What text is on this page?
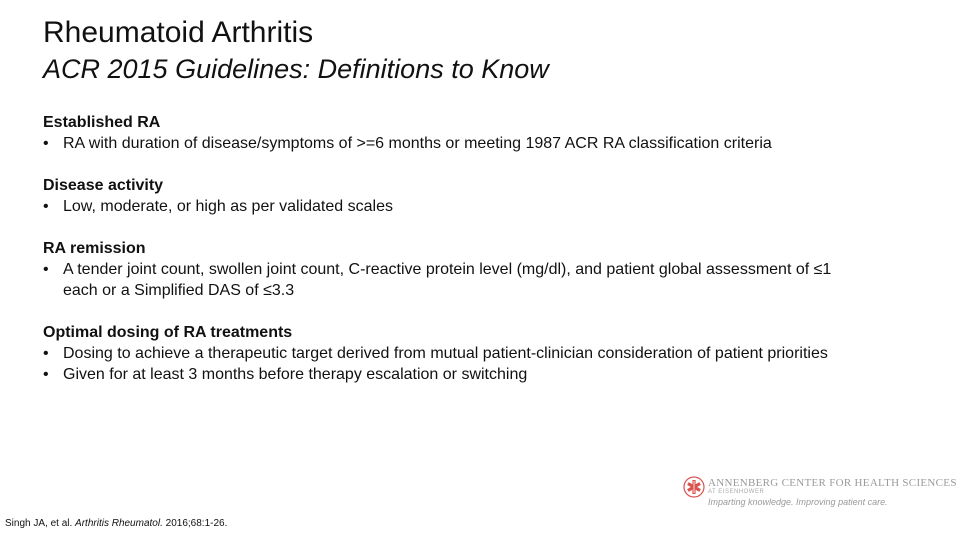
Rheumatoid Arthritis
ACR 2015 Guidelines: Definitions to Know
Established RA
• RA with duration of disease/symptoms of >=6 months or meeting 1987 ACR RA classification criteria
Disease activity
• Low, moderate, or high as per validated scales
RA remission
• A tender joint count, swollen joint count, C-reactive protein level (mg/dl), and patient global assessment of ≤1 each or a Simplified DAS of ≤3.3
Optimal dosing of RA treatments
• Dosing to achieve a therapeutic target derived from mutual patient-clinician consideration of patient priorities
• Given for at least 3 months before therapy escalation or switching
ANNENBERG CENTER FOR HEALTH SCIENCES
AT EISENHOWER
Imparting knowledge. Improving patient care.
Singh JA, et al. Arthritis Rheumatol. 2016;68:1-26.
